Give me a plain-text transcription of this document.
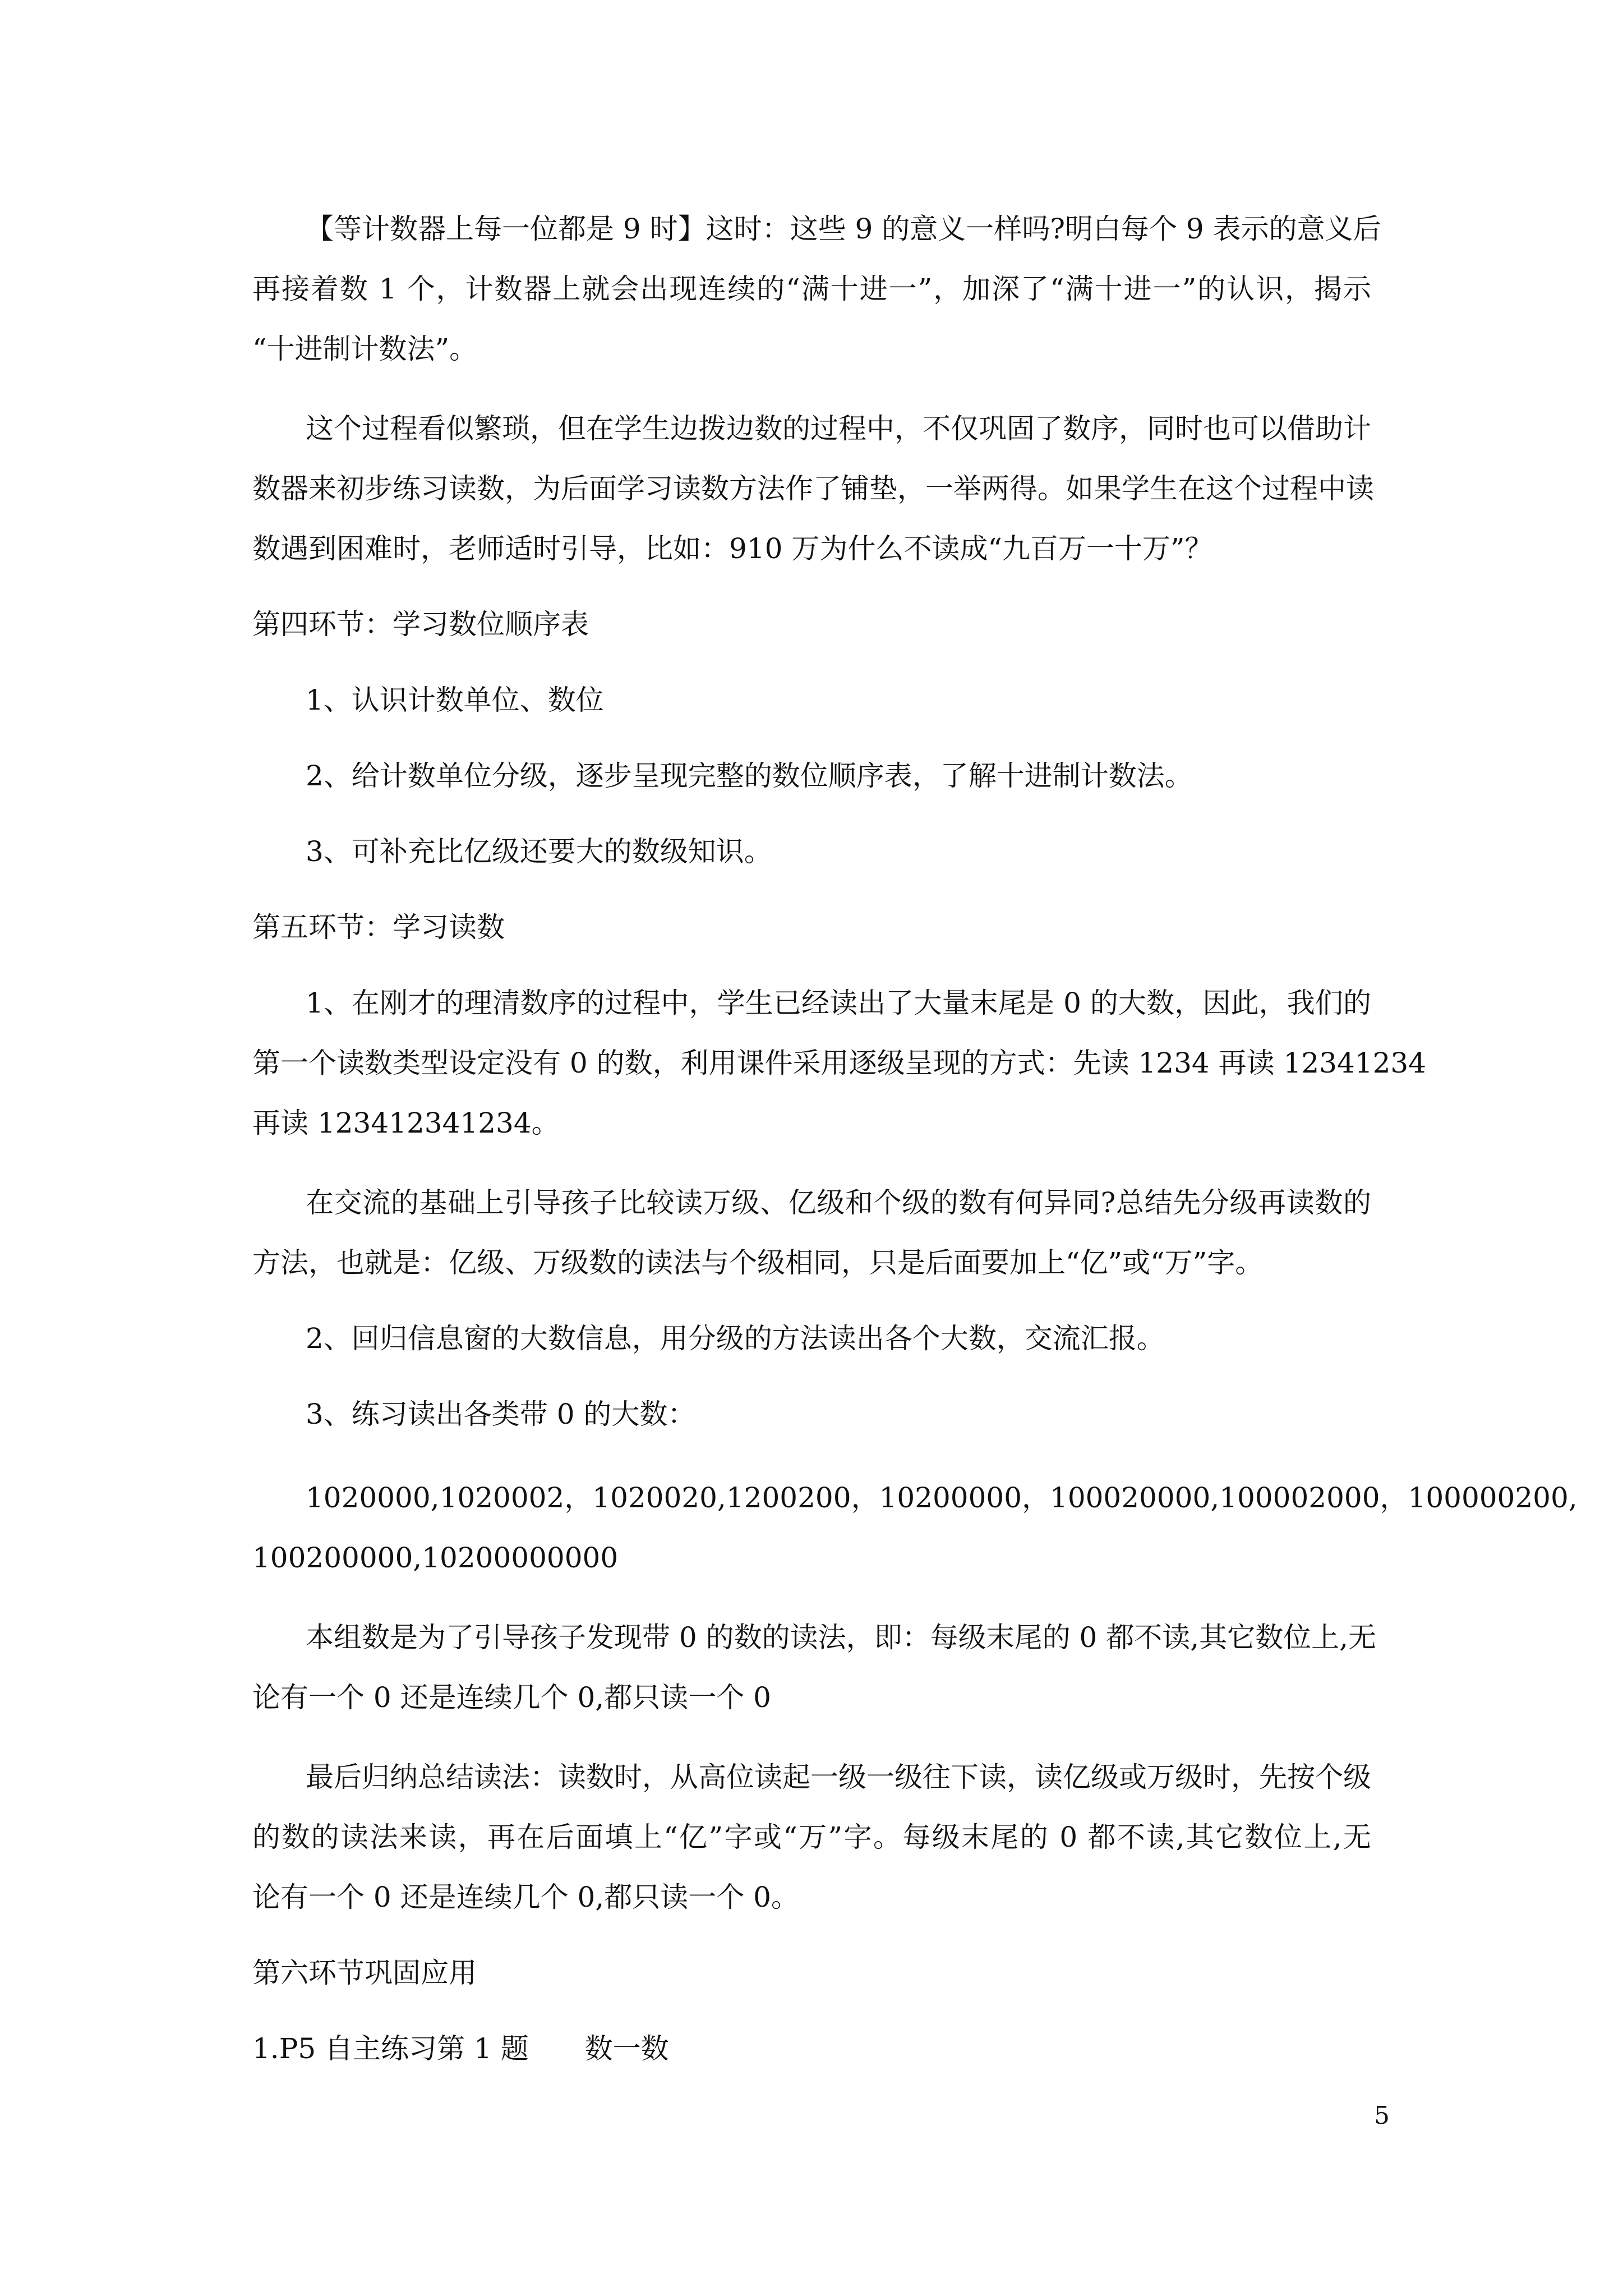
【等计数器上每一位都是 9 时】这时：这些 9 的意义一样吗?明白每个 9 表示的意义后
再接着数 1 个，计数器上就会出现连续的“满十进一”，加深了“满十进一”的认识，揭示
“十进制计数法”。
这个过程看似繁琐，但在学生边拨边数的过程中，不仅巩固了数序，同时也可以借助计
数器来初步练习读数，为后面学习读数方法作了铺垫，一举两得。如果学生在这个过程中读
数遇到困难时，老师适时引导，比如：910 万为什么不读成“九百万一十万”？
第四环节：学习数位顺序表
1、认识计数单位、数位
2、给计数单位分级，逐步呈现完整的数位顺序表，了解十进制计数法。
3、可补充比亿级还要大的数级知识。
第五环节：学习读数
1、在刚才的理清数序的过程中，学生已经读出了大量末尾是 0 的大数，因此，我们的
第一个读数类型设定没有 0 的数，利用课件采用逐级呈现的方式：先读 1234 再读 12341234
再读 123412341234。
在交流的基础上引导孩子比较读万级、亿级和个级的数有何异同?总结先分级再读数的
方法，也就是：亿级、万级数的读法与个级相同，只是后面要加上“亿”或“万”字。
2、回归信息窗的大数信息，用分级的方法读出各个大数，交流汇报。
3、练习读出各类带 0 的大数：
1020000,1020002，1020020,1200200，10200000，100020000,100002000，100000200,
100200000,10200000000
本组数是为了引导孩子发现带 0 的数的读法，即：每级末尾的 0 都不读,其它数位上,无
论有一个 0 还是连续几个 0,都只读一个 0
最后归纳总结读法：读数时，从高位读起一级一级往下读，读亿级或万级时，先按个级
的数的读法来读，再在后面填上“亿”字或“万”字。每级末尾的 0 都不读,其它数位上,无
论有一个 0 还是连续几个 0,都只读一个 0。
第六环节巩固应用
1.P5 自主练习第 1 题　　数一数
5
